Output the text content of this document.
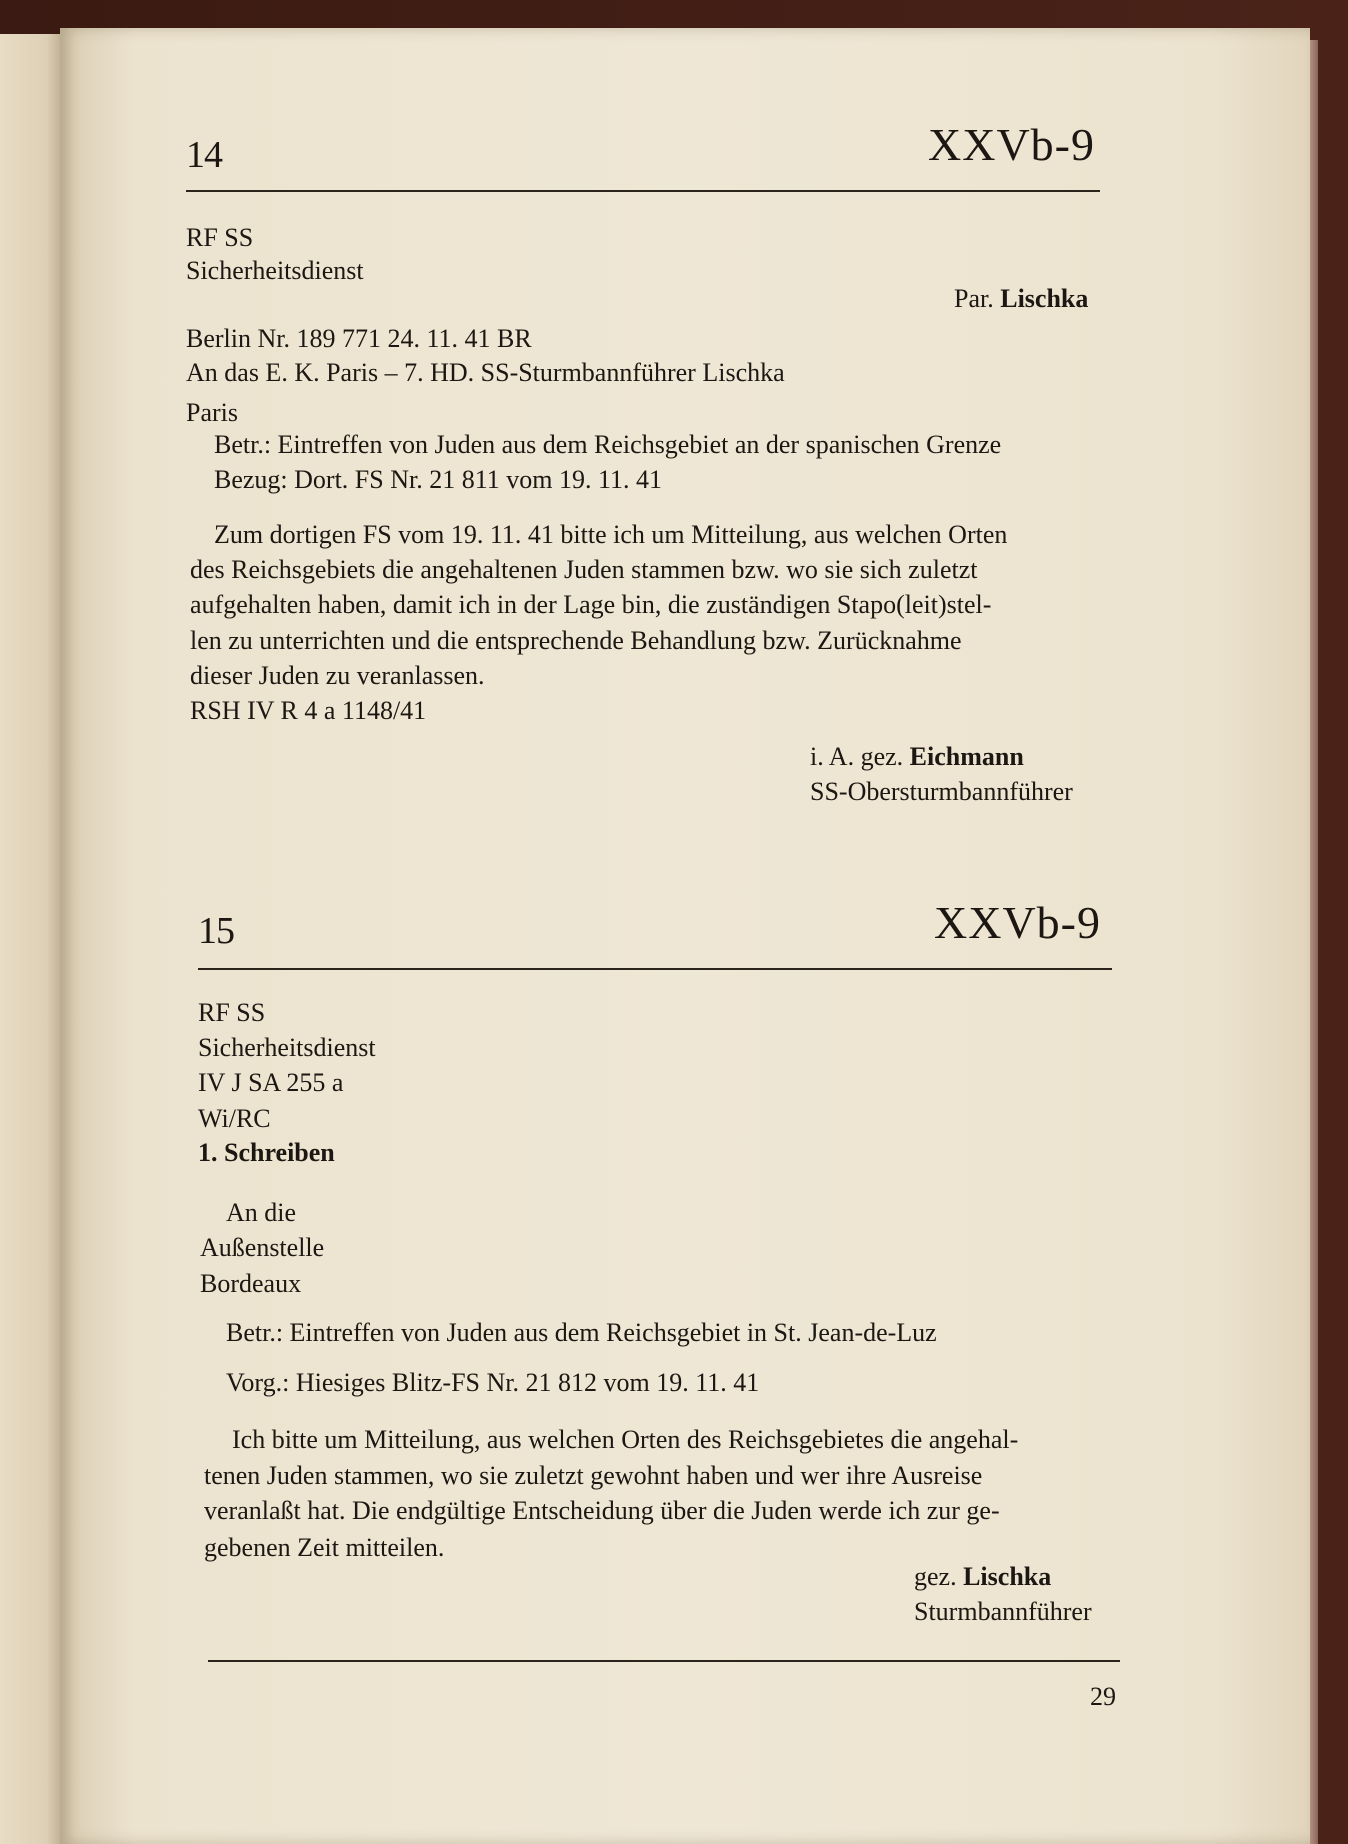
14	XXVb-9
RF SS
Sicherheitsdienst
Par. Lischka
Berlin Nr. 189 771 24. 11. 41 BR
An das E. K. Paris – 7. HD. SS-Sturmbannführer Lischka
Paris
Betr.: Eintreffen von Juden aus dem Reichsgebiet an der spanischen Grenze
Bezug: Dort. FS Nr. 21 811 vom 19. 11. 41
Zum dortigen FS vom 19. 11. 41 bitte ich um Mitteilung, aus welchen Orten
des Reichsgebiets die angehaltenen Juden stammen bzw. wo sie sich zuletzt
aufgehalten haben, damit ich in der Lage bin, die zuständigen Stapo(leit)stel-
len zu unterrichten und die entsprechende Behandlung bzw. Zurücknahme
dieser Juden zu veranlassen.
RSH IV R 4 a 1148/41
i. A. gez. Eichmann
SS-Obersturmbannführer
15	XXVb-9
RF SS
Sicherheitsdienst
IV J SA 255 a
Wi/RC
1. Schreiben
An die
Außenstelle
Bordeaux
Betr.: Eintreffen von Juden aus dem Reichsgebiet in St. Jean-de-Luz
Vorg.: Hiesiges Blitz-FS Nr. 21 812 vom 19. 11. 41
Ich bitte um Mitteilung, aus welchen Orten des Reichsgebietes die angehal-
tenen Juden stammen, wo sie zuletzt gewohnt haben und wer ihre Ausreise
veranlaßt hat. Die endgültige Entscheidung über die Juden werde ich zur ge-
gebenen Zeit mitteilen.
gez. Lischka
Sturmbannführer
29
